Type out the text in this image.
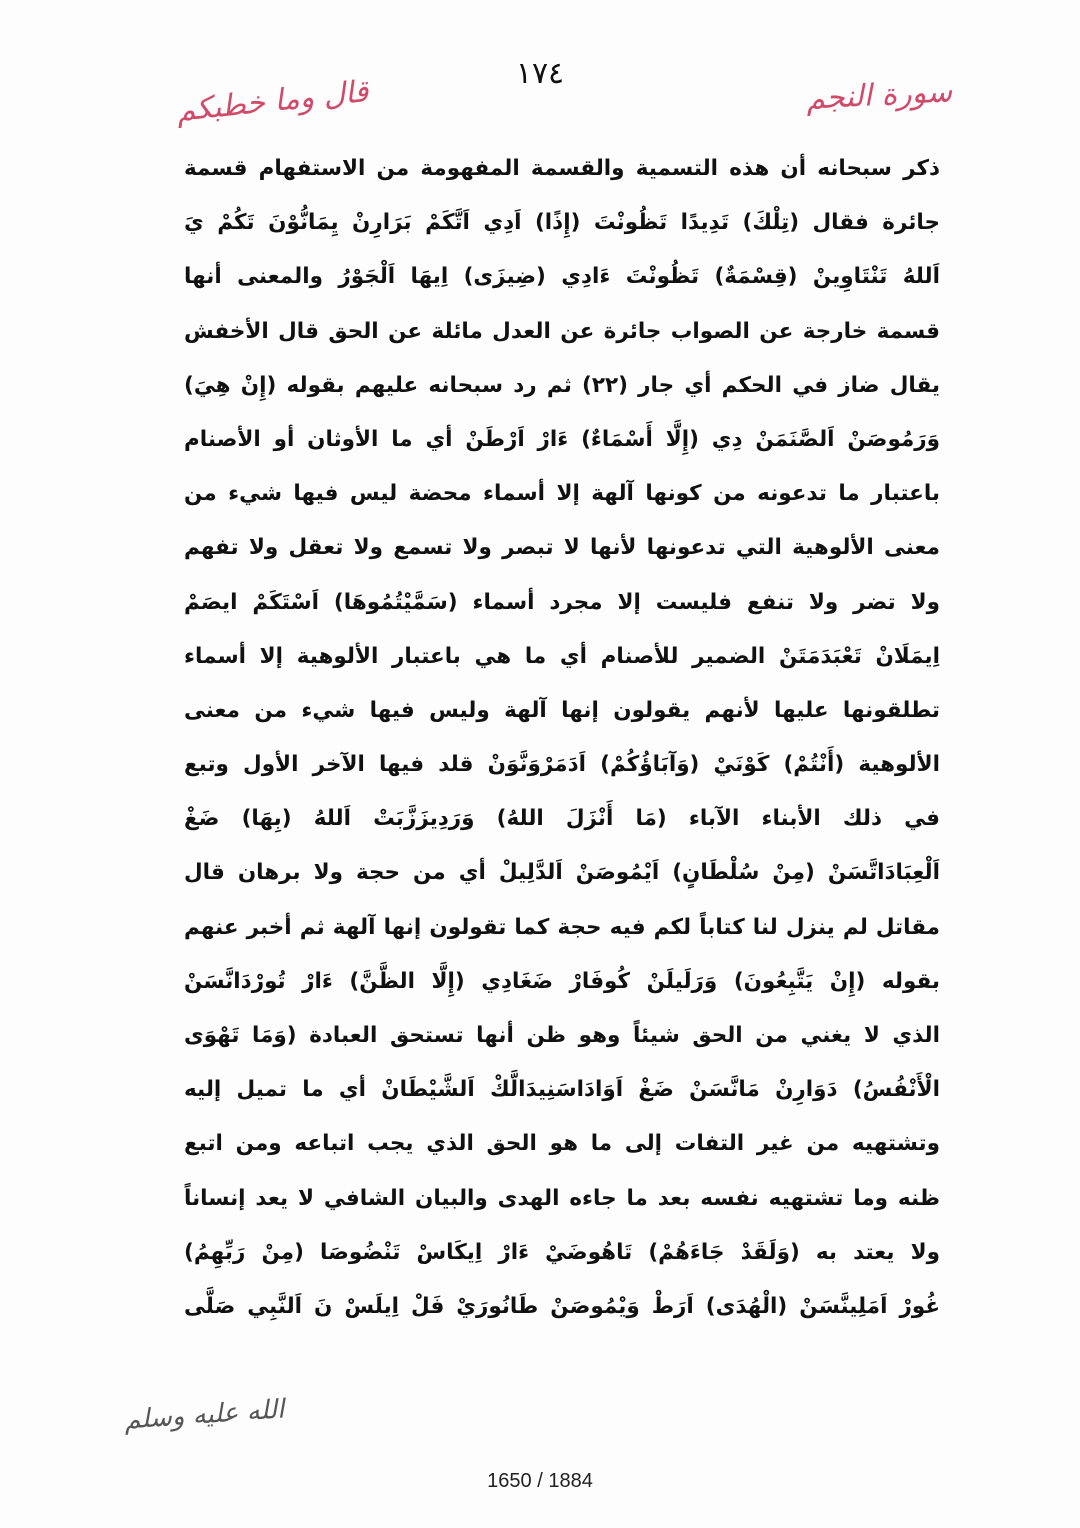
١٧٤
سورة النجم
قال وما خطبكم
ذكر سبحانه أن هذه التسمية والقسمة المفهومة من الاستفهام قسمة
جائرة فقال (تِلْكَ) تَدِيدًا تَظُونْتَ (إِذًا) اَدِي اَتَّكَمْ بَرَارِنْ يِمَانُّوْنَ تَكُمْ يَ
اَللهُ تَنْتَاوِينْ (قِسْمَةٌ) تَظُونْتَ ءَادِي (ضِيزَى) اِيهَا اَلْجَوْرُ والمعنى أنها
قسمة خارجة عن الصواب جائرة عن العدل مائلة عن الحق قال الأخفش
يقال ضاز في الحكم أي جار (٢٢) ثم رد سبحانه عليهم بقوله (إِنْ هِيَ)
وَرَمُوصَنْ اَلصَّنَمَنْ دِي (إِلَّا أَسْمَاءٌ) ءَارْ اَرْطَنْ أي ما الأوثان أو الأصنام
باعتبار ما تدعونه من كونها آلهة إلا أسماء محضة ليس فيها شيء من
معنى الألوهية التي تدعونها لأنها لا تبصر ولا تسمع ولا تعقل ولا تفهم
ولا تضر ولا تنفع فليست إلا مجرد أسماء (سَمَّيْتُمُوهَا) اَسْتَكَمْ ايصَمْ
اِيمَلَانْ تَعْبَدَمَتَنْ الضمير للأصنام أي ما هي باعتبار الألوهية إلا أسماء
تطلقونها عليها لأنهم يقولون إنها آلهة وليس فيها شيء من معنى
الألوهية (أَنْتُمْ) كَوْنَيْ (وَآبَاؤُكُمْ) اَدَمَرْوَنَّوَنْ قلد فيها الآخر الأول وتبع
في ذلك الأبناء الآباء (مَا أَنْزَلَ اللهُ) وَرَدِيزَزَّبَتْ اَللهُ (بِهَا) ضَغْ
اَلْعِبَادَاتَّسَنْ (مِنْ سُلْطَانٍ) اَيْمُوصَنْ اَلدَّلِيلْ أي من حجة ولا برهان قال
مقاتل لم ينزل لنا كتاباً لكم فيه حجة كما تقولون إنها آلهة ثم أخبر عنهم
بقوله (إِنْ يَتَّبِعُونَ) وَرَلَيلَنْ كُوفَارْ ضَغَادِي (إِلَّا الظَّنَّ) ءَارْ تُورْدَانَّسَنْ
الذي لا يغني من الحق شيئاً وهو ظن أنها تستحق العبادة (وَمَا تَهْوَى
الْأَنْفُسُ) دَوَارِنْ مَانَّسَنْ ضَغْ اَوَادَاسَنِيدَالَّكْ اَلشَّيْطَانْ أي ما تميل إليه
وتشتهيه من غير التفات إلى ما هو الحق الذي يجب اتباعه ومن اتبع
ظنه وما تشتهيه نفسه بعد ما جاءه الهدى والبيان الشافي لا يعد إنساناً
ولا يعتد به (وَلَقَدْ جَاءَهُمْ) تَاهُوضَيْ ءَارْ اِيكَاسْ تَنْضُوصَا (مِنْ رَبِّهِمُ)
غُورْ اَمَلِينَّسَنْ (الْهُدَى) اَرَطْ وَيْمُوصَنْ طَانُورَيْ فَلْ اِيلَسْ نَ اَلنَّبِي صَلَّى
الله عليه وسلم
1650 / 1884
